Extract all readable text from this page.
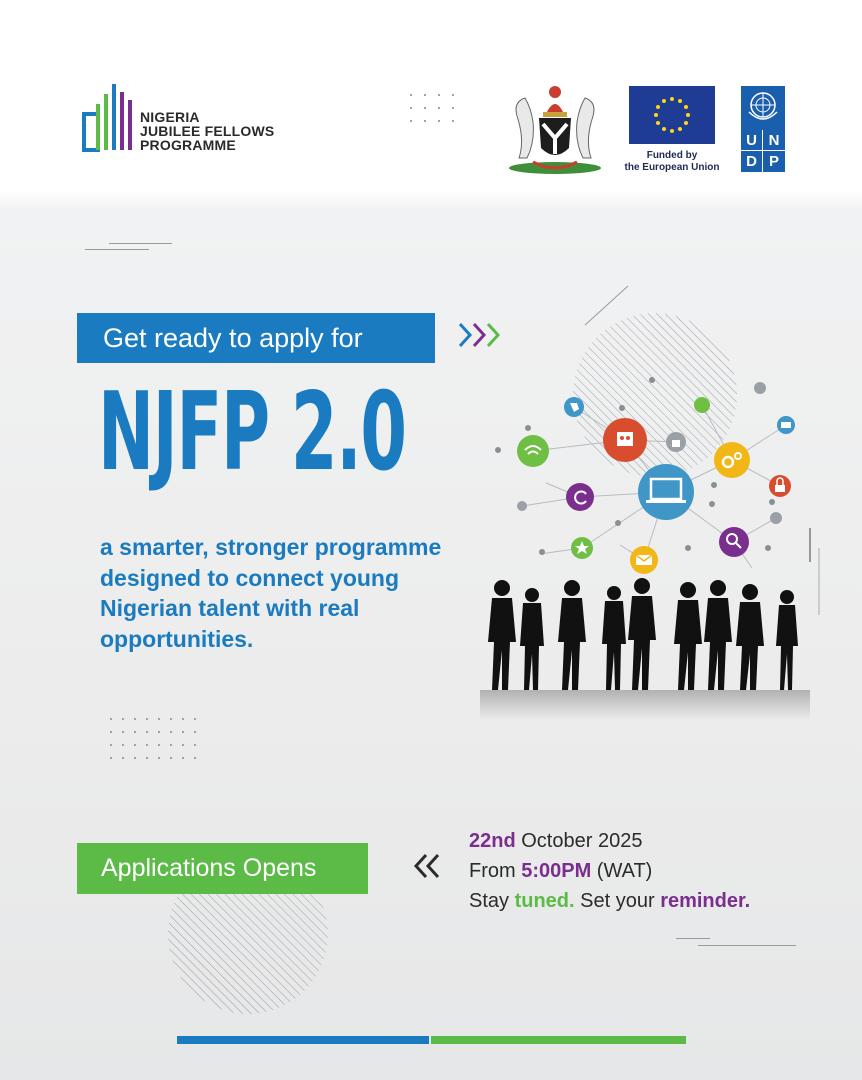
NIGERIA
JUBILEE FELLOWS
PROGRAMME
Funded by
the European Union
U N
D P
Get ready to apply for
NJFP 2.0
a smarter, stronger programme
designed to connect young
Nigerian talent with real
opportunities.
Applications Opens
22nd October 2025
From 5:00PM (WAT)
Stay tuned. Set your reminder.
